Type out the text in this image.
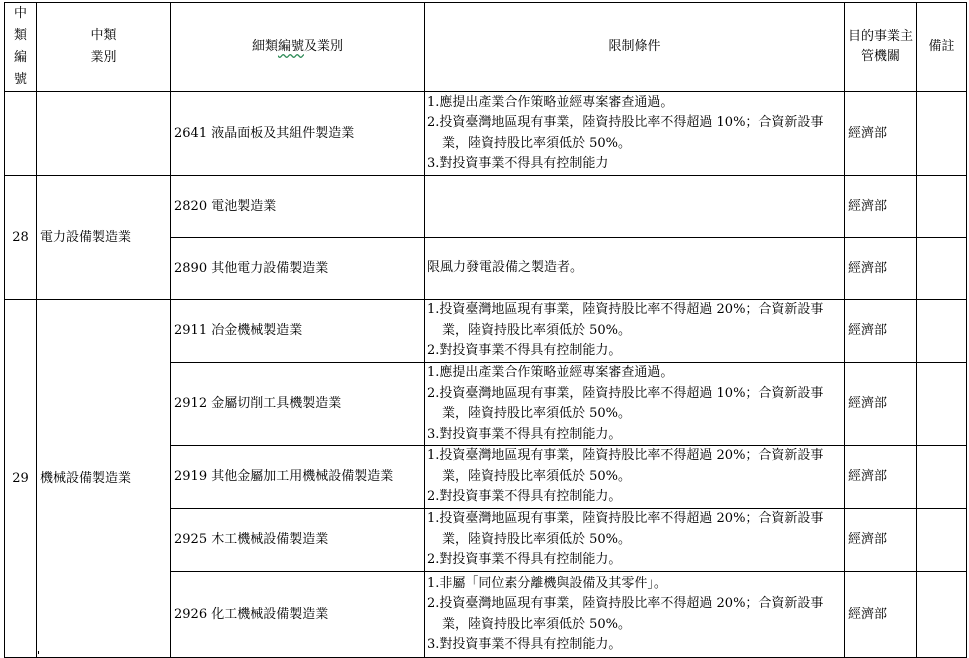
中類編號	中類業別	細類編號及業別	限制條件	目的事業主管機關	備註
		2641 液晶面板及其組件製造業	1.應提出產業合作策略並經專案審查通過。
2.投資臺灣地區現有事業，陸資持股比率不得超過 10%；合資新設事業，陸資持股比率須低於 50%。
3.對投資事業不得具有控制能力	經濟部	
28	電力設備製造業	2820 電池製造業		經濟部	
		2890 其他電力設備製造業	限風力發電設備之製造者。	經濟部	
29	機械設備製造業	2911 冶金機械製造業	1.投資臺灣地區現有事業，陸資持股比率不得超過 20%；合資新設事業，陸資持股比率須低於 50%。
2.對投資事業不得具有控制能力。	經濟部	
		2912 金屬切削工具機製造業	1.應提出產業合作策略並經專案審查通過。
2.投資臺灣地區現有事業，陸資持股比率不得超過 10%；合資新設事業，陸資持股比率須低於 50%。
3.對投資事業不得具有控制能力。	經濟部	
		2919 其他金屬加工用機械設備製造業	1.投資臺灣地區現有事業，陸資持股比率不得超過 20%；合資新設事業，陸資持股比率須低於 50%。
2.對投資事業不得具有控制能力。	經濟部	
		2925 木工機械設備製造業	1.投資臺灣地區現有事業，陸資持股比率不得超過 20%；合資新設事業，陸資持股比率須低於 50%。
2.對投資事業不得具有控制能力。	經濟部	
		2926 化工機械設備製造業	1.非屬「同位素分離機與設備及其零件」。
2.投資臺灣地區現有事業，陸資持股比率不得超過 20%；合資新設事業，陸資持股比率須低於 50%。
3.對投資事業不得具有控制能力。	經濟部	
